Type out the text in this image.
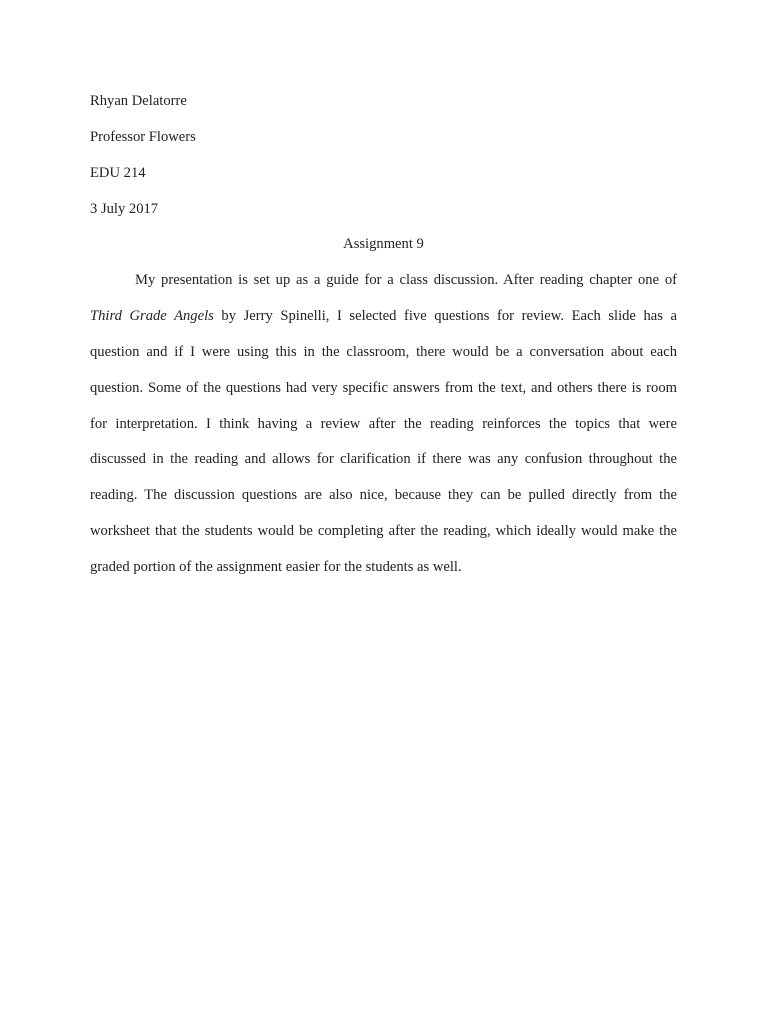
Rhyan Delatorre
Professor Flowers
EDU 214
3 July 2017
Assignment 9
My presentation is set up as a guide for a class discussion. After reading chapter one of
Third Grade Angels by Jerry Spinelli, I selected five questions for review. Each slide has a
question and if I were using this in the classroom, there would be a conversation about each
question. Some of the questions had very specific answers from the text, and others there is room
for interpretation. I think having a review after the reading reinforces the topics that were
discussed in the reading and allows for clarification if there was any confusion throughout the
reading. The discussion questions are also nice, because they can be pulled directly from the
worksheet that the students would be completing after the reading, which ideally would make the
graded portion of the assignment easier for the students as well.
